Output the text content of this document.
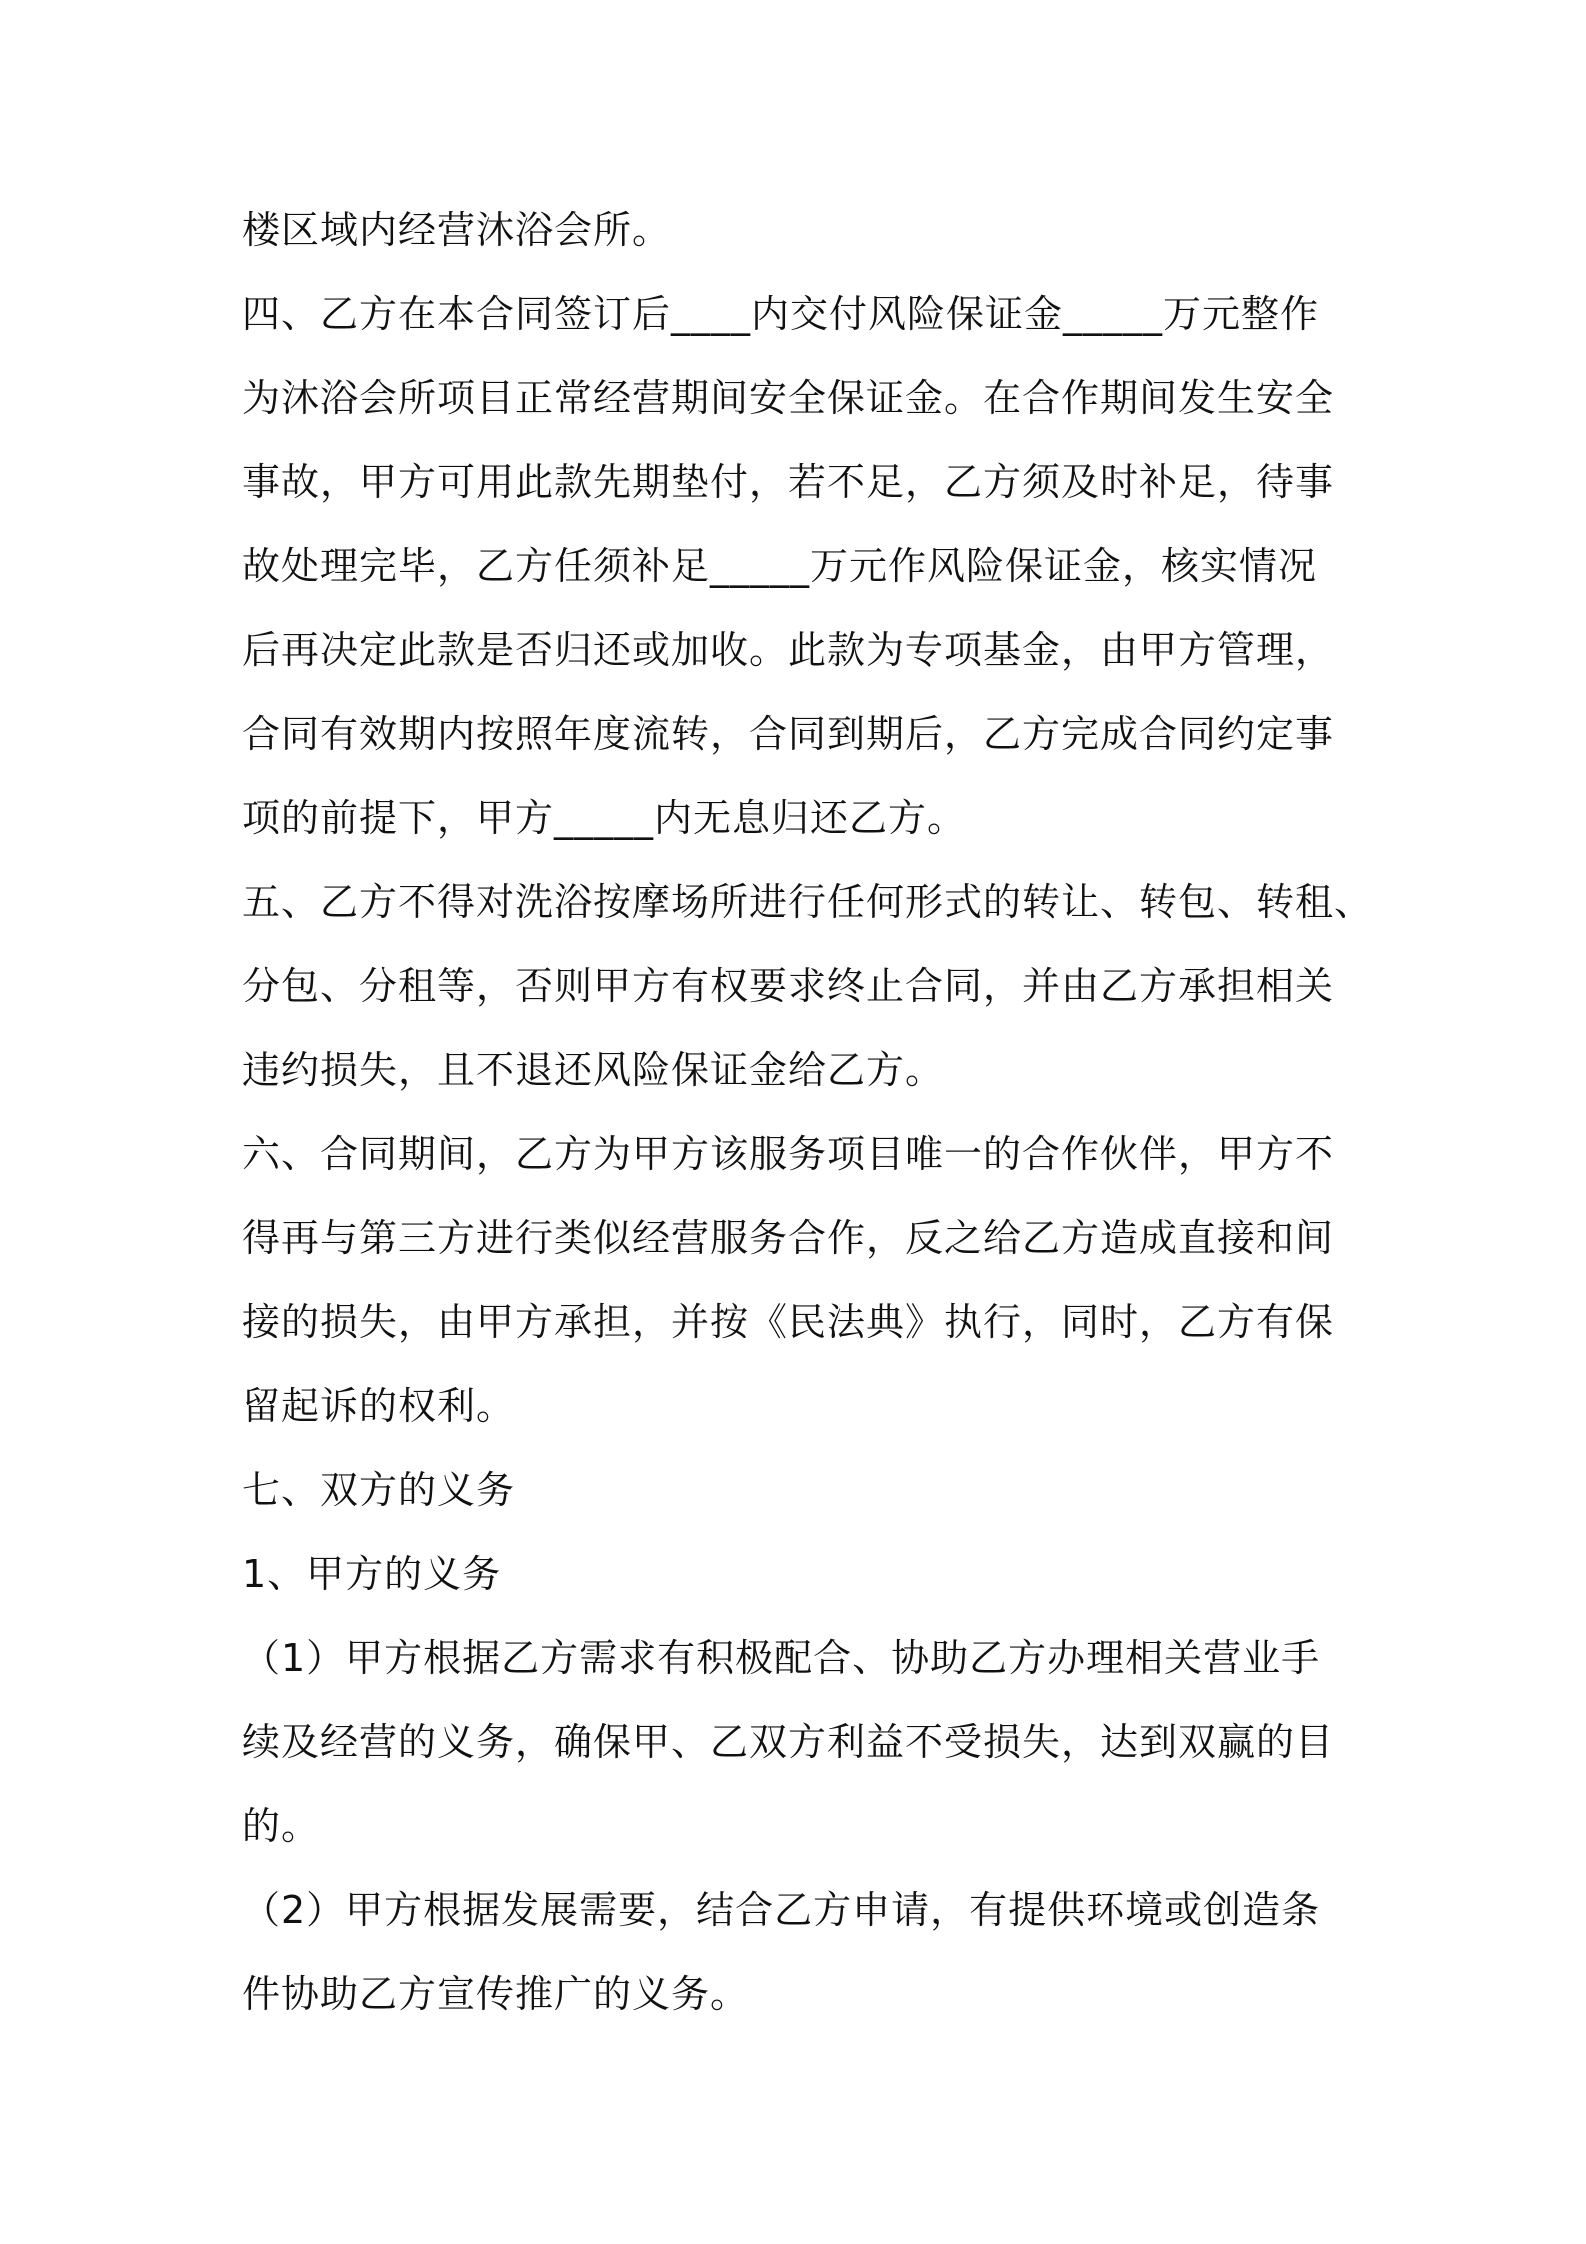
楼区域内经营沐浴会所。
四、乙方在本合同签订后____内交付风险保证金_____万元整作
为沐浴会所项目正常经营期间安全保证金。在合作期间发生安全
事故，甲方可用此款先期垫付，若不足，乙方须及时补足，待事
故处理完毕，乙方任须补足_____万元作风险保证金，核实情况
后再决定此款是否归还或加收。此款为专项基金，由甲方管理，
合同有效期内按照年度流转，合同到期后，乙方完成合同约定事
项的前提下，甲方_____内无息归还乙方。
五、乙方不得对洗浴按摩场所进行任何形式的转让、转包、转租、
分包、分租等，否则甲方有权要求终止合同，并由乙方承担相关
违约损失，且不退还风险保证金给乙方。
六、合同期间，乙方为甲方该服务项目唯一的合作伙伴，甲方不
得再与第三方进行类似经营服务合作，反之给乙方造成直接和间
接的损失，由甲方承担，并按《民法典》执行，同时，乙方有保
留起诉的权利。
七、双方的义务
1、甲方的义务
（1）甲方根据乙方需求有积极配合、协助乙方办理相关营业手
续及经营的义务，确保甲、乙双方利益不受损失，达到双赢的目
的。
（2）甲方根据发展需要，结合乙方申请，有提供环境或创造条
件协助乙方宣传推广的义务。
